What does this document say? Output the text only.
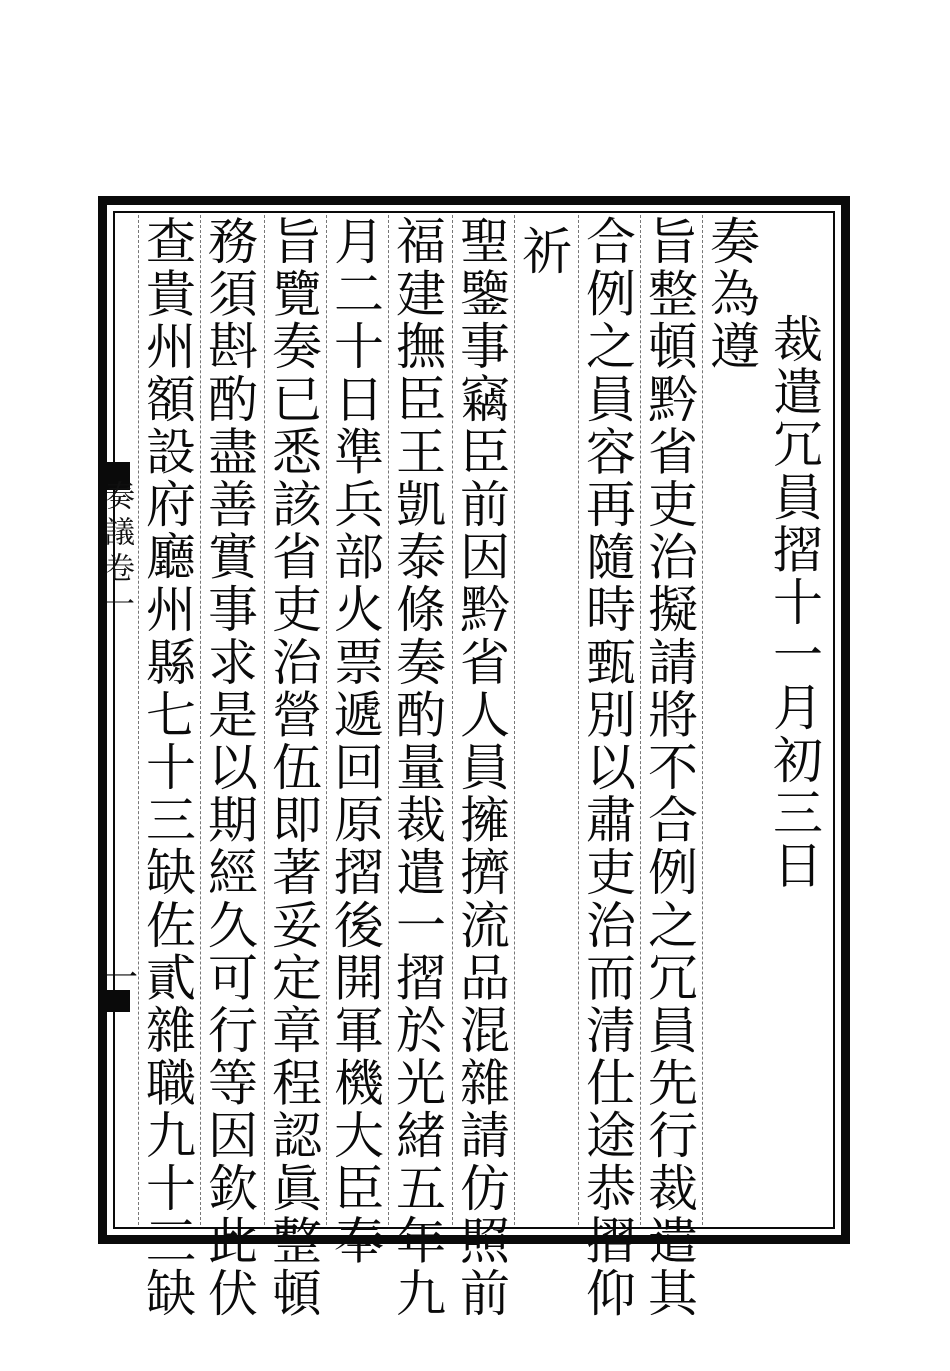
奏議卷一
一
裁遣冗員摺十一月初三日
奏為遵
旨整頓黔省吏治擬請將不合例之冗員先行裁遣其
合例之員容再隨時甄別以肅吏治而清仕途恭摺仰
祈
聖鑒事竊臣前因黔省人員擁擠流品混雜請仿照前
福建撫臣王凱泰條奏酌量裁遣一摺於光緒五年九
月二十日準兵部火票遞回原摺後開軍機大臣奉
旨覽奏已悉該省吏治營伍即著妥定章程認眞整頓
務須斟酌盡善實事求是以期經久可行等因欽此伏
查貴州額設府廳州縣七十三缺佐貳雜職九十三缺
